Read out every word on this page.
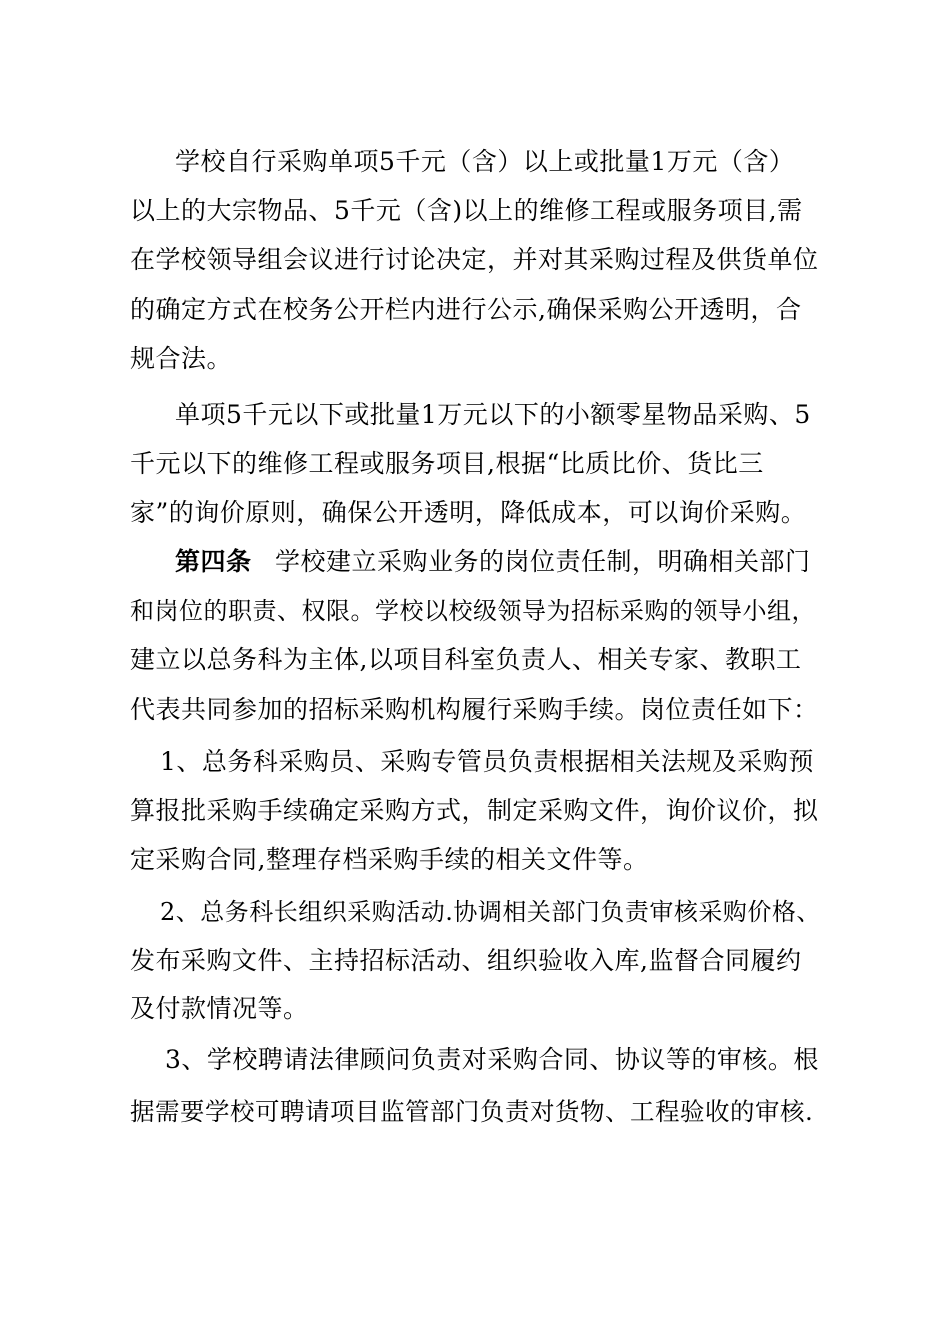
学校自行采购单项5千元（含）以上或批量1万元（含）
以上的大宗物品、5千元（含)以上的维修工程或服务项目,需
在学校领导组会议进行讨论决定，并对其采购过程及供货单位
的确定方式在校务公开栏内进行公示,确保采购公开透明，合
规合法。
单项5千元以下或批量1万元以下的小额零星物品采购、5
千元以下的维修工程或服务项目,根据“比质比价、货比三
家”的询价原则，确保公开透明，降低成本，可以询价采购。
第四条 学校建立采购业务的岗位责任制，明确相关部门
和岗位的职责、权限。学校以校级领导为招标采购的领导小组，
建立以总务科为主体,以项目科室负责人、相关专家、教职工
代表共同参加的招标采购机构履行采购手续。岗位责任如下：
1、总务科采购员、采购专管员负责根据相关法规及采购预
算报批采购手续确定采购方式，制定采购文件，询价议价，拟
定采购合同,整理存档采购手续的相关文件等。
2、总务科长组织采购活动.协调相关部门负责审核采购价格、
发布采购文件、主持招标活动、组织验收入库,监督合同履约
及付款情况等。
3、学校聘请法律顾问负责对采购合同、协议等的审核。根
据需要学校可聘请项目监管部门负责对货物、工程验收的审核.
